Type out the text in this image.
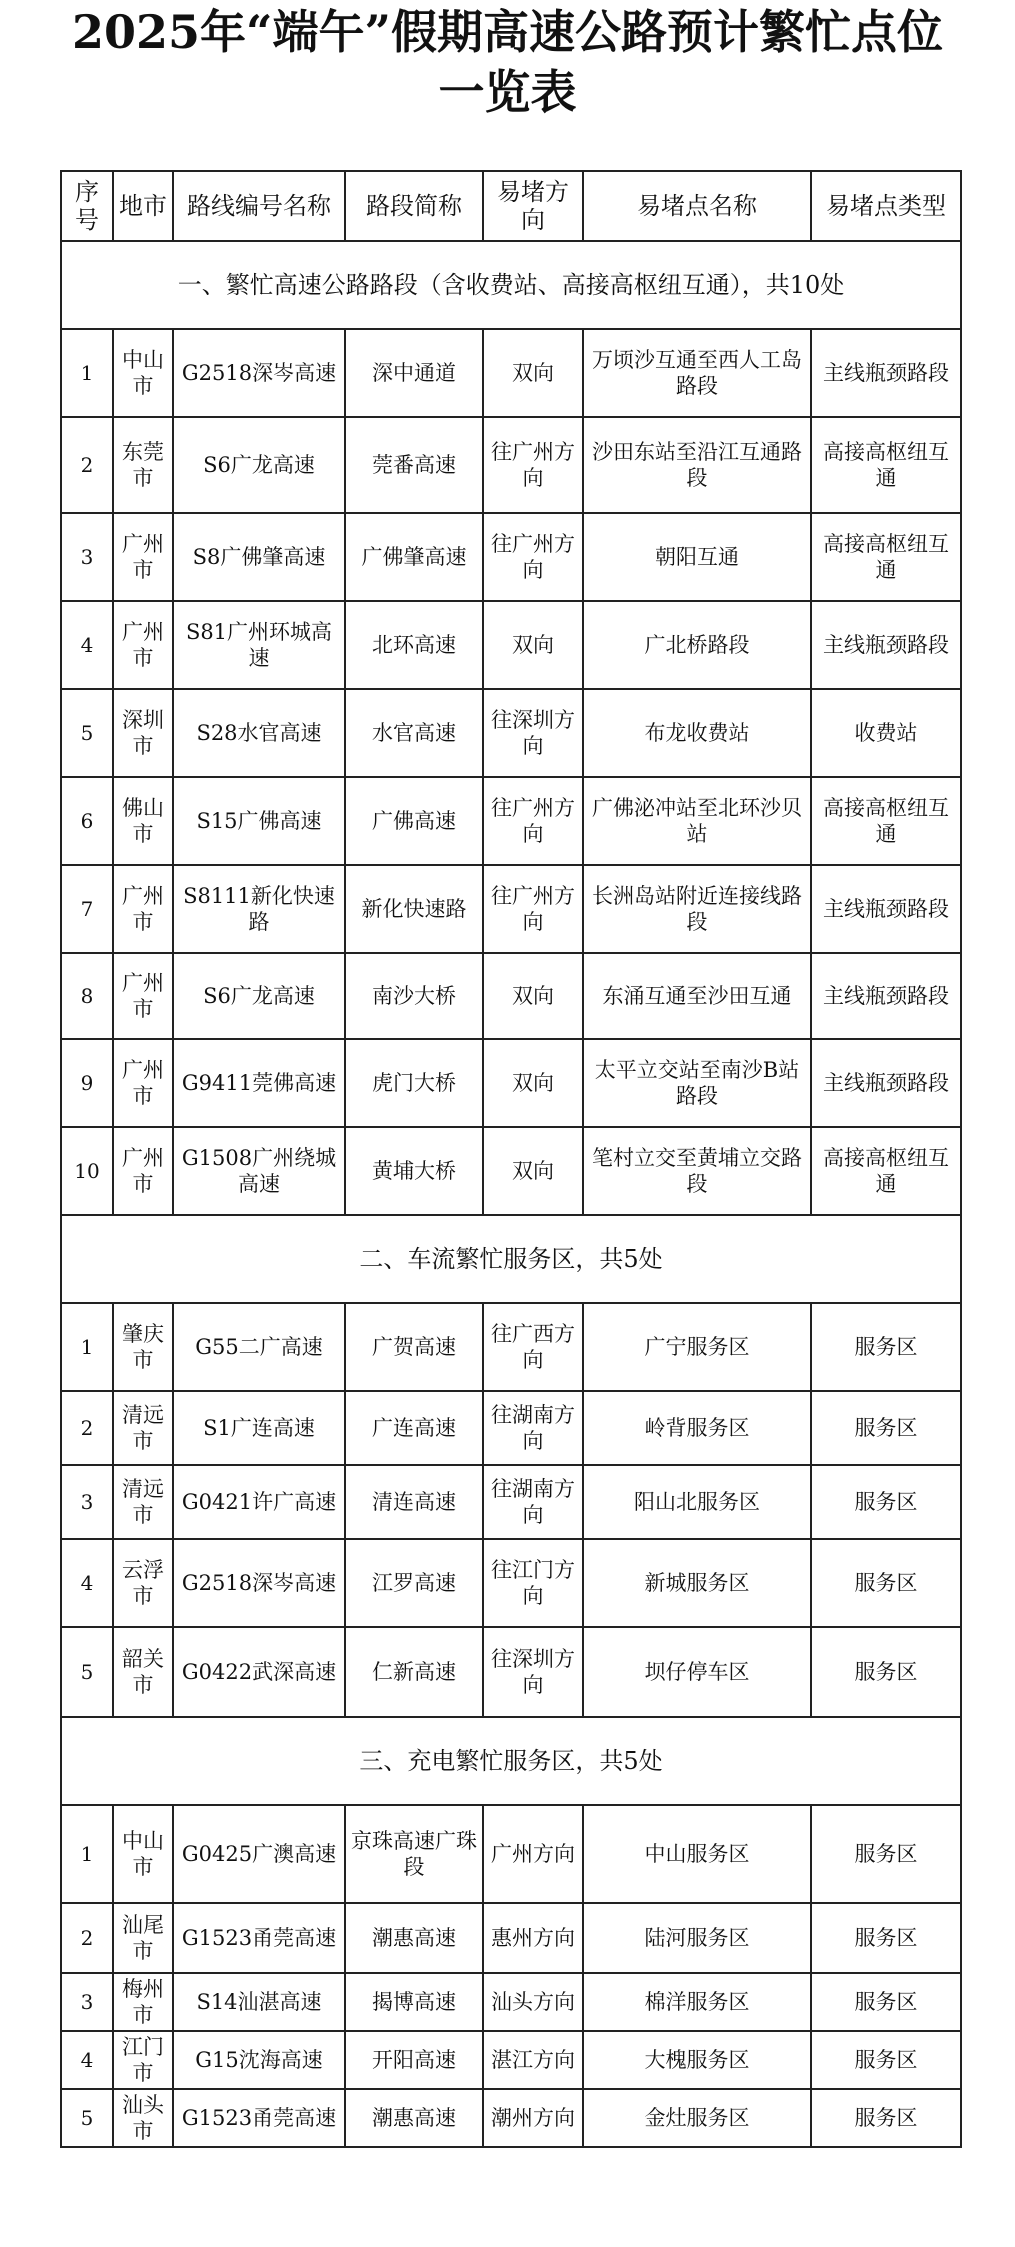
2025年“端午”假期高速公路预计繁忙点位
一览表
序号	地市	路线编号名称	路段简称	易堵方向	易堵点名称	易堵点类型
一、繁忙高速公路路段（含收费站、高接高枢纽互通），共10处						
1	中山市	G2518深岑高速	深中通道	双向	万顷沙互通至西人工岛路段	主线瓶颈路段
2	东莞市	S6广龙高速	莞番高速	往广州方向	沙田东站至沿江互通路段	高接高枢纽互通
3	广州市	S8广佛肇高速	广佛肇高速	往广州方向	朝阳互通	高接高枢纽互通
4	广州市	S81广州环城高速	北环高速	双向	广北桥路段	主线瓶颈路段
5	深圳市	S28水官高速	水官高速	往深圳方向	布龙收费站	收费站
6	佛山市	S15广佛高速	广佛高速	往广州方向	广佛泌冲站至北环沙贝站	高接高枢纽互通
7	广州市	S8111新化快速路	新化快速路	往广州方向	长洲岛站附近连接线路段	主线瓶颈路段
8	广州市	S6广龙高速	南沙大桥	双向	东涌互通至沙田互通	主线瓶颈路段
9	广州市	G9411莞佛高速	虎门大桥	双向	太平立交站至南沙B站路段	主线瓶颈路段
10	广州市	G1508广州绕城高速	黄埔大桥	双向	笔村立交至黄埔立交路段	高接高枢纽互通
二、车流繁忙服务区，共5处						
1	肇庆市	G55二广高速	广贺高速	往广西方向	广宁服务区	服务区
2	清远市	S1广连高速	广连高速	往湖南方向	岭背服务区	服务区
3	清远市	G0421许广高速	清连高速	往湖南方向	阳山北服务区	服务区
4	云浮市	G2518深岑高速	江罗高速	往江门方向	新城服务区	服务区
5	韶关市	G0422武深高速	仁新高速	往深圳方向	坝仔停车区	服务区
三、充电繁忙服务区，共5处						
1	中山市	G0425广澳高速	京珠高速广珠段	广州方向	中山服务区	服务区
2	汕尾市	G1523甬莞高速	潮惠高速	惠州方向	陆河服务区	服务区
3	梅州市	S14汕湛高速	揭博高速	汕头方向	棉洋服务区	服务区
4	江门市	G15沈海高速	开阳高速	湛江方向	大槐服务区	服务区
5	汕头市	G1523甬莞高速	潮惠高速	潮州方向	金灶服务区	服务区
